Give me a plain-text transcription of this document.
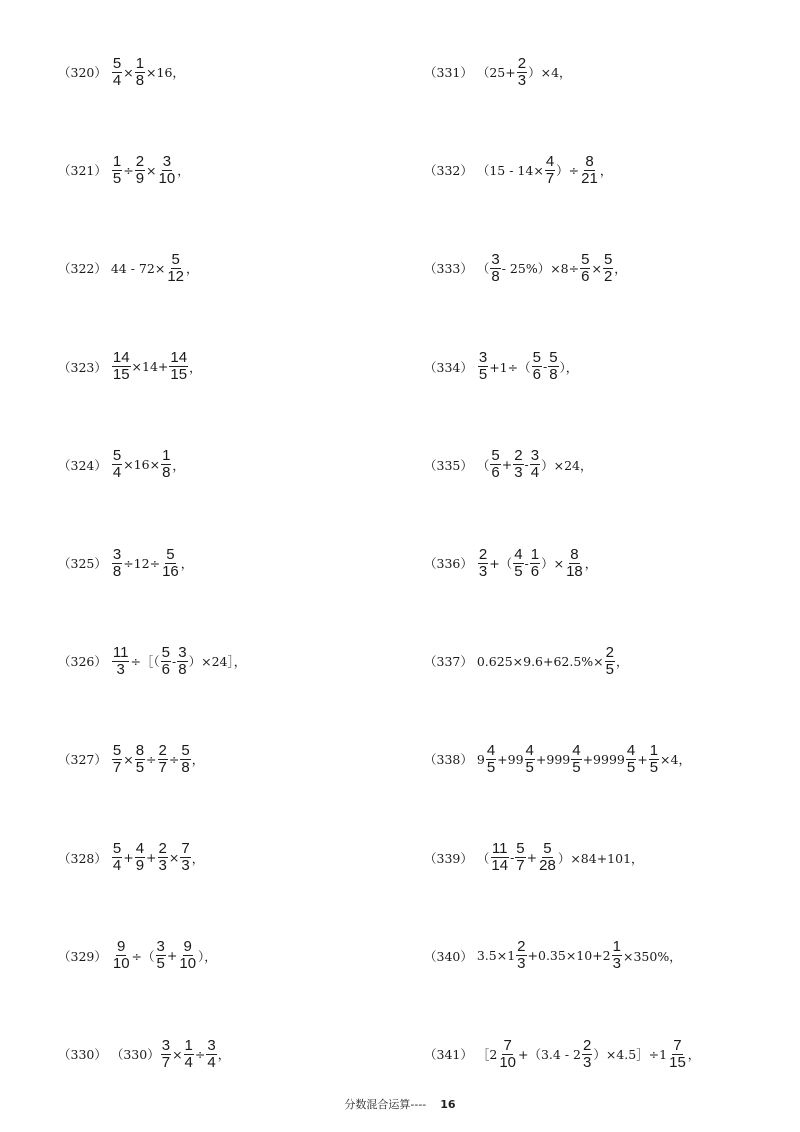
$(320) \frac{5}{4} \times \frac{1}{8} \times 16$，
$(321) \frac{1}{5} \div \frac{2}{9} \times \frac{3}{10}$ ，
（322） $44 - 72\times \frac{5}{12}$ ，
$(323) \frac{14}{15} \times 14+ \frac{14}{15}$ ，
$(324) \frac{5}{4} \times 16\times \frac{1}{8}$ ，
$(325) \frac{3}{8} \div 12\div \frac{5}{16}$ ，
$(326) \frac{11}{3}$ ÷［（ $\frac{5}{6} - \frac{3}{8}$ ）×24］，
$(327) \frac{5}{7} \times \frac{8}{5} \div \frac{2}{7} \div \frac{5}{8}$ ，
$(328) \frac{5}{4} + \frac{4}{9} + \frac{2}{3} \times \frac{7}{3}$ ，
$(329) \frac{9}{10}$ ÷（ $\frac{3}{5} + \frac{9}{10}$ ），
（330） $(330) \frac{3}{7} \times \frac{1}{4} \div \frac{3}{4}$ ，
（331） $(25+ \frac{2}{3} )\times 4$，
（332） （$15 - 14\times \frac{4}{7}$ ）÷ $\frac{8}{21}$ ，
（333） （ $\frac{3}{8} - 25\%)\times 8\div \frac{5}{6} \times \frac{5}{2}$ ，
$(334) \frac{3}{5} +1\div( \frac{5}{6} - \frac{5}{8}$ ），
（335） （ $\frac{5}{6} + \frac{2}{3} - \frac{3}{4} )\times 24$，
$(336) \frac{2}{3}$ +（ $\frac{4}{5} - \frac{1}{6}$ ）× $\frac{8}{18}$ ，
（337） $0.625\times 9.6+62.5\%\times \frac{2}{5}$ ，
（338） $9 \frac{4}{5} +99 \frac{4}{5} +999 \frac{4}{5} +9999 \frac{4}{5} + \frac{1}{5} \times 4$，
（339） （ $\frac{11}{14} - \frac{5}{7} + \frac{5}{28} )\times 84+101$，
（340） $3.5\times 1 \frac{2}{3} +0.35\times 10+2 \frac{1}{3} \times 350\%$，
（341） ［2 $\frac{7}{10} +(3.4 - 2 \frac{2}{3}$ ）×4.5］÷1 $\frac{7}{15}$ ，
分数混合运算---- 16
